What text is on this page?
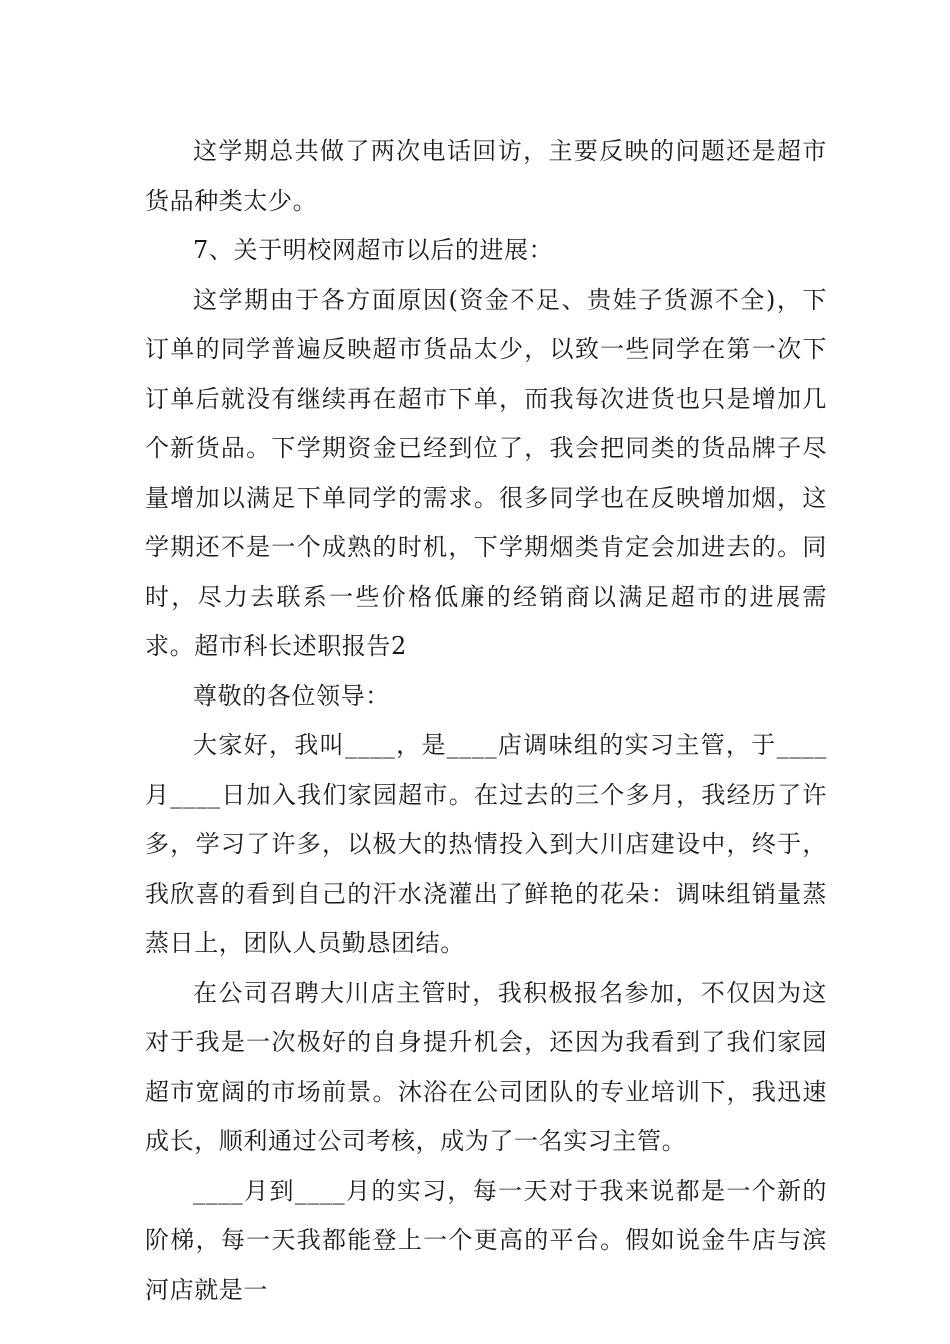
这学期总共做了两次电话回访，主要反映的问题还是超市货品种类太少。

7、关于明校网超市以后的进展：

这学期由于各方面原因(资金不足、贵娃子货源不全)，下订单的同学普遍反映超市货品太少，以致一些同学在第一次下订单后就没有继续再在超市下单，而我每次进货也只是增加几个新货品。下学期资金已经到位了，我会把同类的货品牌子尽量增加以满足下单同学的需求。很多同学也在反映增加烟，这学期还不是一个成熟的时机，下学期烟类肯定会加进去的。同时，尽力去联系一些价格低廉的经销商以满足超市的进展需求。超市科长述职报告2

尊敬的各位领导：

大家好，我叫____，是____店调味组的实习主管，于____月____日加入我们家园超市。在过去的三个多月，我经历了许多，学习了许多，以极大的热情投入到大川店建设中，终于，我欣喜的看到自己的汗水浇灌出了鲜艳的花朵：调味组销量蒸蒸日上，团队人员勤恳团结。

在公司召聘大川店主管时，我积极报名参加，不仅因为这对于我是一次极好的自身提升机会，还因为我看到了我们家园超市宽阔的市场前景。沐浴在公司团队的专业培训下，我迅速成长，顺利通过公司考核，成为了一名实习主管。

____月到____月的实习，每一天对于我来说都是一个新的阶梯，每一天我都能登上一个更高的平台。假如说金牛店与滨河店就是一
